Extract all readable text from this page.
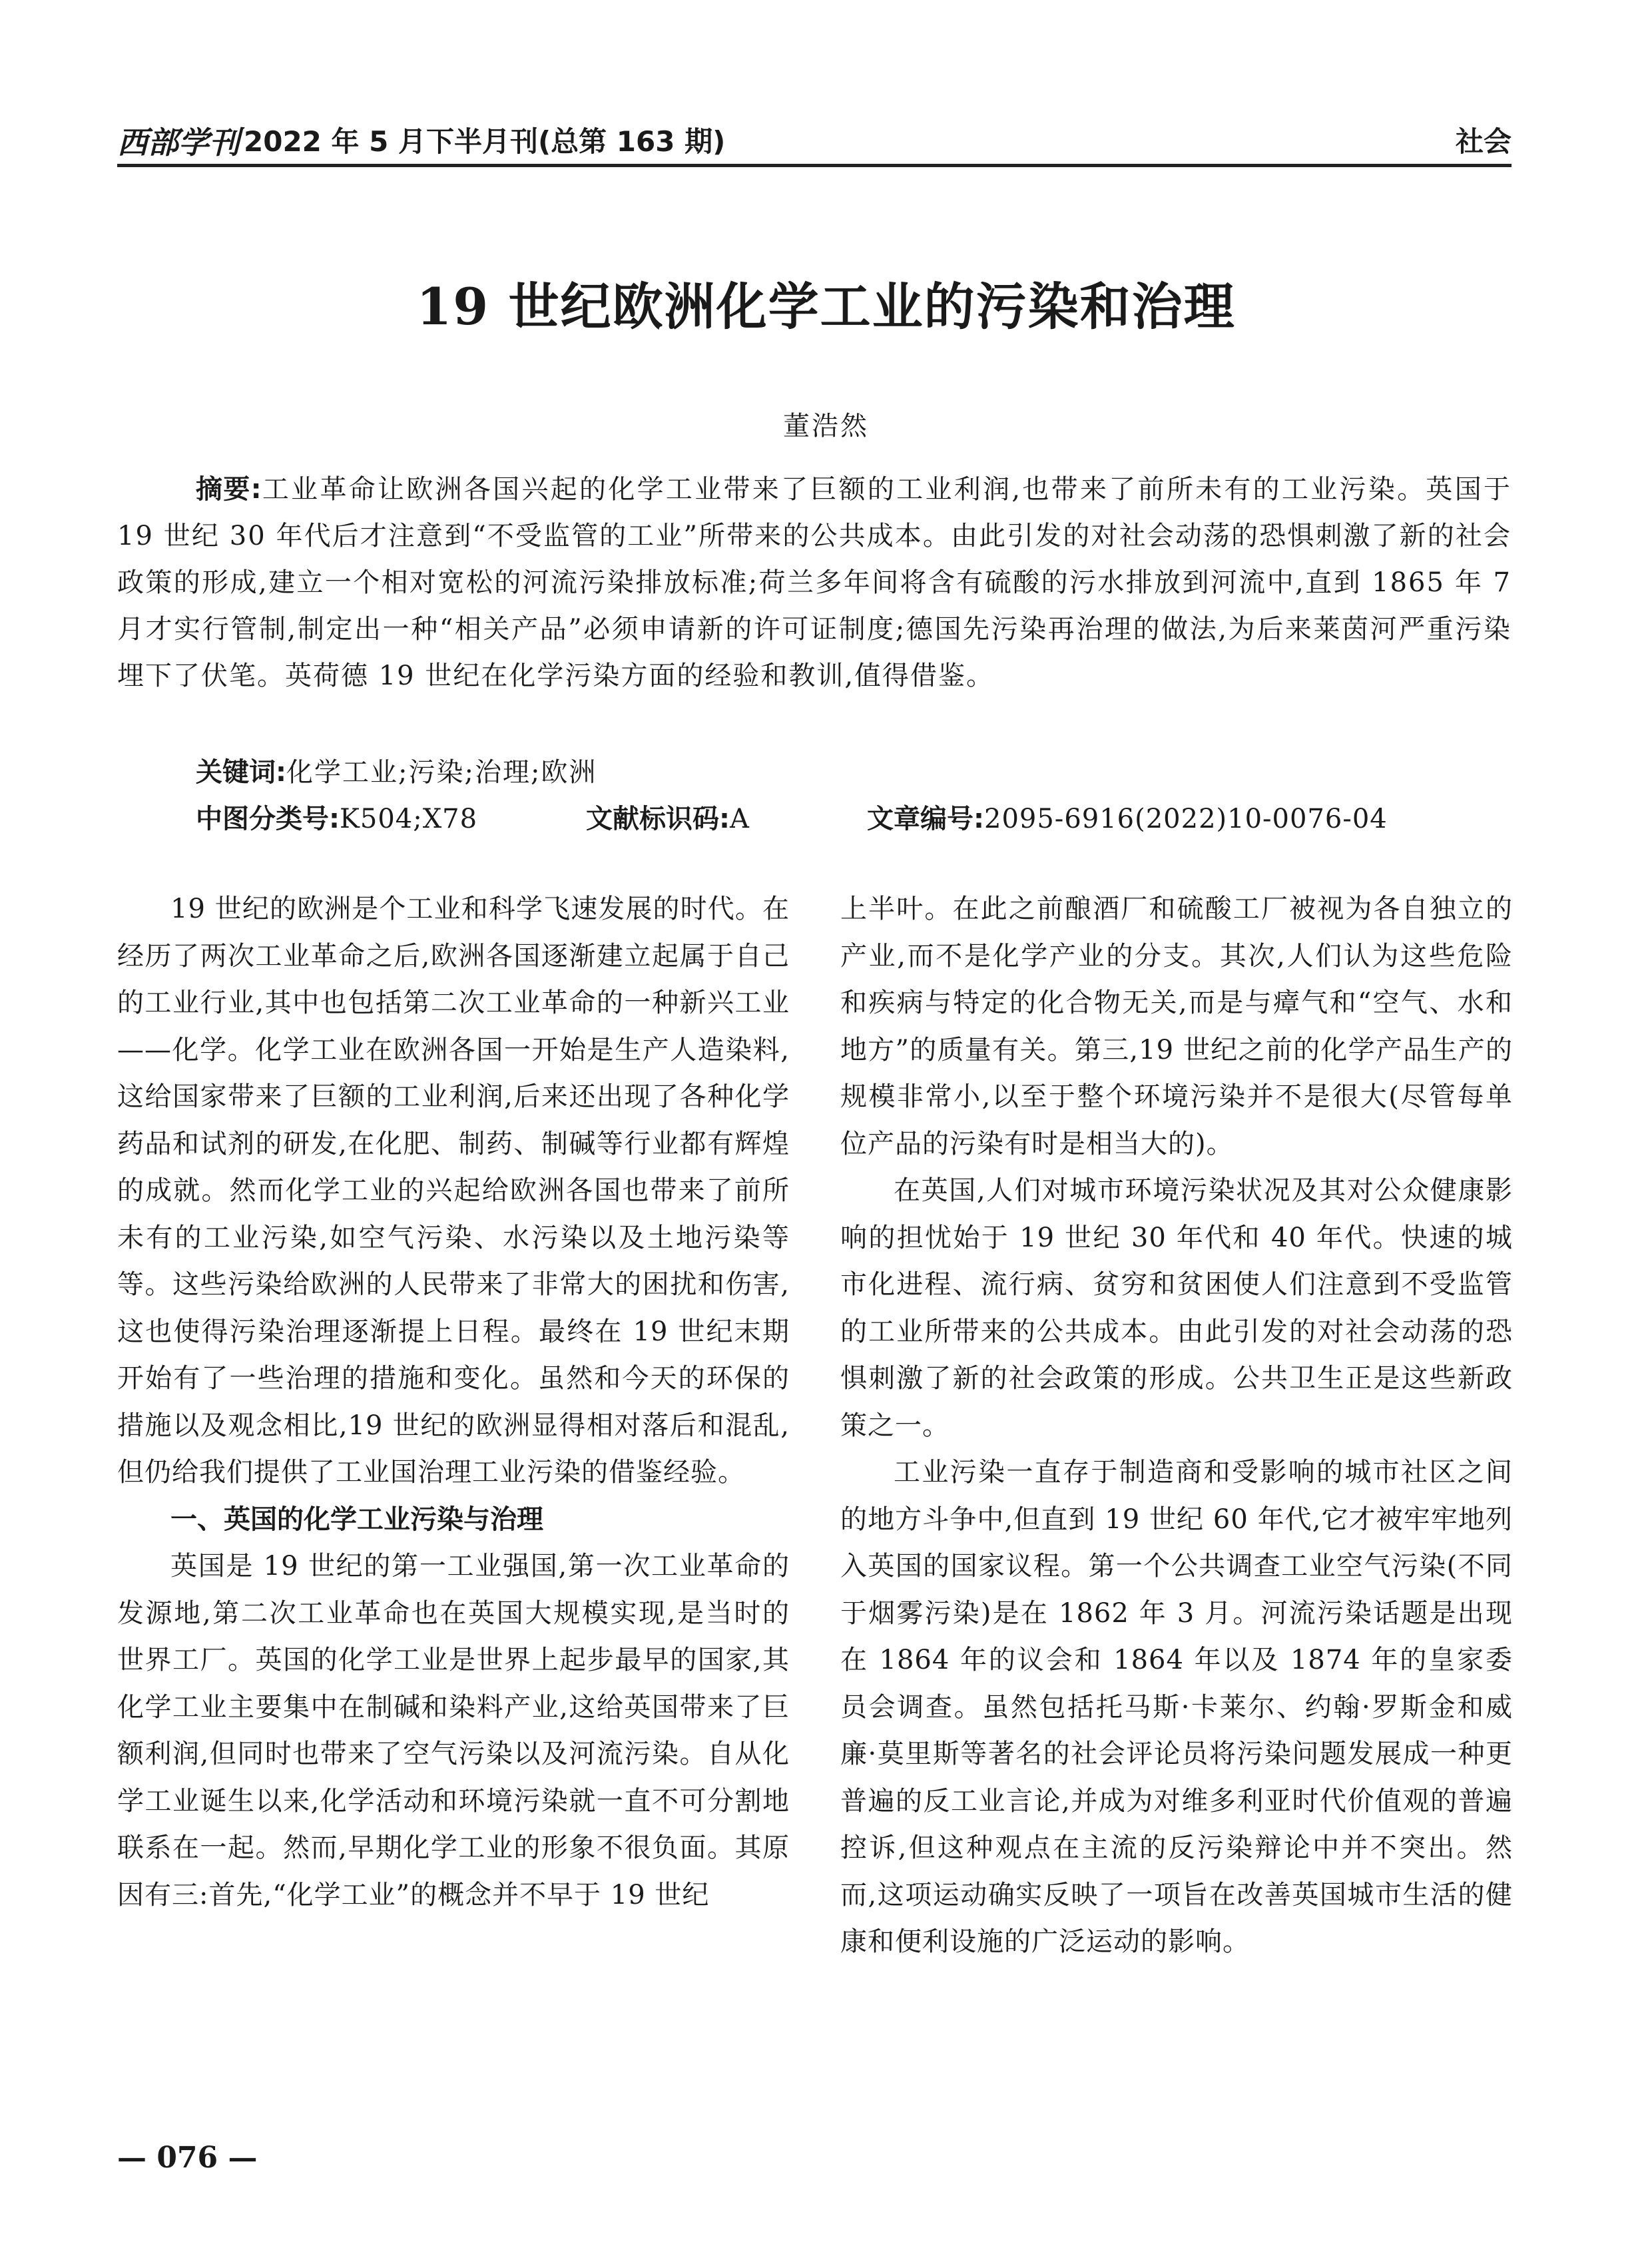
西部学刊 2022 年 5 月下半月刊(总第 163 期)	社会
19 世纪欧洲化学工业的污染和治理
董浩然

摘要:工业革命让欧洲各国兴起的化学工业带来了巨额的工业利润,也带来了前所未有的工业污染。英国于 19 世纪 30 年代后才注意到“不受监管的工业”所带来的公共成本。由此引发的对社会动荡的恐惧刺激了新的社会政策的形成,建立一个相对宽松的河流污染排放标准;荷兰多年间将含有硫酸的污水排放到河流中,直到 1865 年 7 月才实行管制,制定出一种“相关产品”必须申请新的许可证制度;德国先污染再治理的做法,为后来莱茵河严重污染埋下了伏笔。英荷德 19 世纪在化学污染方面的经验和教训,值得借鉴。

关键词:化学工业;污染;治理;欧洲
中图分类号:K504;X78	文献标识码:A	文章编号:2095-6916(2022)10-0076-04

19 世纪的欧洲是个工业和科学飞速发展的时代。在经历了两次工业革命之后,欧洲各国逐渐建立起属于自己的工业行业,其中也包括第二次工业革命的一种新兴工业——化学。化学工业在欧洲各国一开始是生产人造染料,这给国家带来了巨额的工业利润,后来还出现了各种化学药品和试剂的研发,在化肥、制药、制碱等行业都有辉煌的成就。然而化学工业的兴起给欧洲各国也带来了前所未有的工业污染,如空气污染、水污染以及土地污染等等。这些污染给欧洲的人民带来了非常大的困扰和伤害,这也使得污染治理逐渐提上日程。最终在 19 世纪末期开始有了一些治理的措施和变化。虽然和今天的环保的措施以及观念相比,19 世纪的欧洲显得相对落后和混乱,但仍给我们提供了工业国治理工业污染的借鉴经验。

一、英国的化学工业污染与治理

英国是 19 世纪的第一工业强国,第一次工业革命的发源地,第二次工业革命也在英国大规模实现,是当时的世界工厂。英国的化学工业是世界上起步最早的国家,其化学工业主要集中在制碱和染料产业,这给英国带来了巨额利润,但同时也带来了空气污染以及河流污染。自从化学工业诞生以来,化学活动和环境污染就一直不可分割地联系在一起。然而,早期化学工业的形象不很负面。其原因有三:首先,“化学工业”的概念并不早于 19 世纪

上半叶。在此之前酿酒厂和硫酸工厂被视为各自独立的产业,而不是化学产业的分支。其次,人们认为这些危险和疾病与特定的化合物无关,而是与瘴气和“空气、水和地方”的质量有关。第三,19 世纪之前的化学产品生产的规模非常小,以至于整个环境污染并不是很大(尽管每单位产品的污染有时是相当大的)。

在英国,人们对城市环境污染状况及其对公众健康影响的担忧始于 19 世纪 30 年代和 40 年代。快速的城市化进程、流行病、贫穷和贫困使人们注意到不受监管的工业所带来的公共成本。由此引发的对社会动荡的恐惧刺激了新的社会政策的形成。公共卫生正是这些新政策之一。

工业污染一直存于制造商和受影响的城市社区之间的地方斗争中,但直到 19 世纪 60 年代,它才被牢牢地列入英国的国家议程。第一个公共调查工业空气污染(不同于烟雾污染)是在 1862 年 3 月。河流污染话题是出现在 1864 年的议会和 1864 年以及 1874 年的皇家委员会调查。虽然包括托马斯·卡莱尔、约翰·罗斯金和威廉·莫里斯等著名的社会评论员将污染问题发展成一种更普遍的反工业言论,并成为对维多利亚时代价值观的普遍控诉,但这种观点在主流的反污染辩论中并不突出。然而,这项运动确实反映了一项旨在改善英国城市生活的健康和便利设施的广泛运动的影响。

— 076 —
